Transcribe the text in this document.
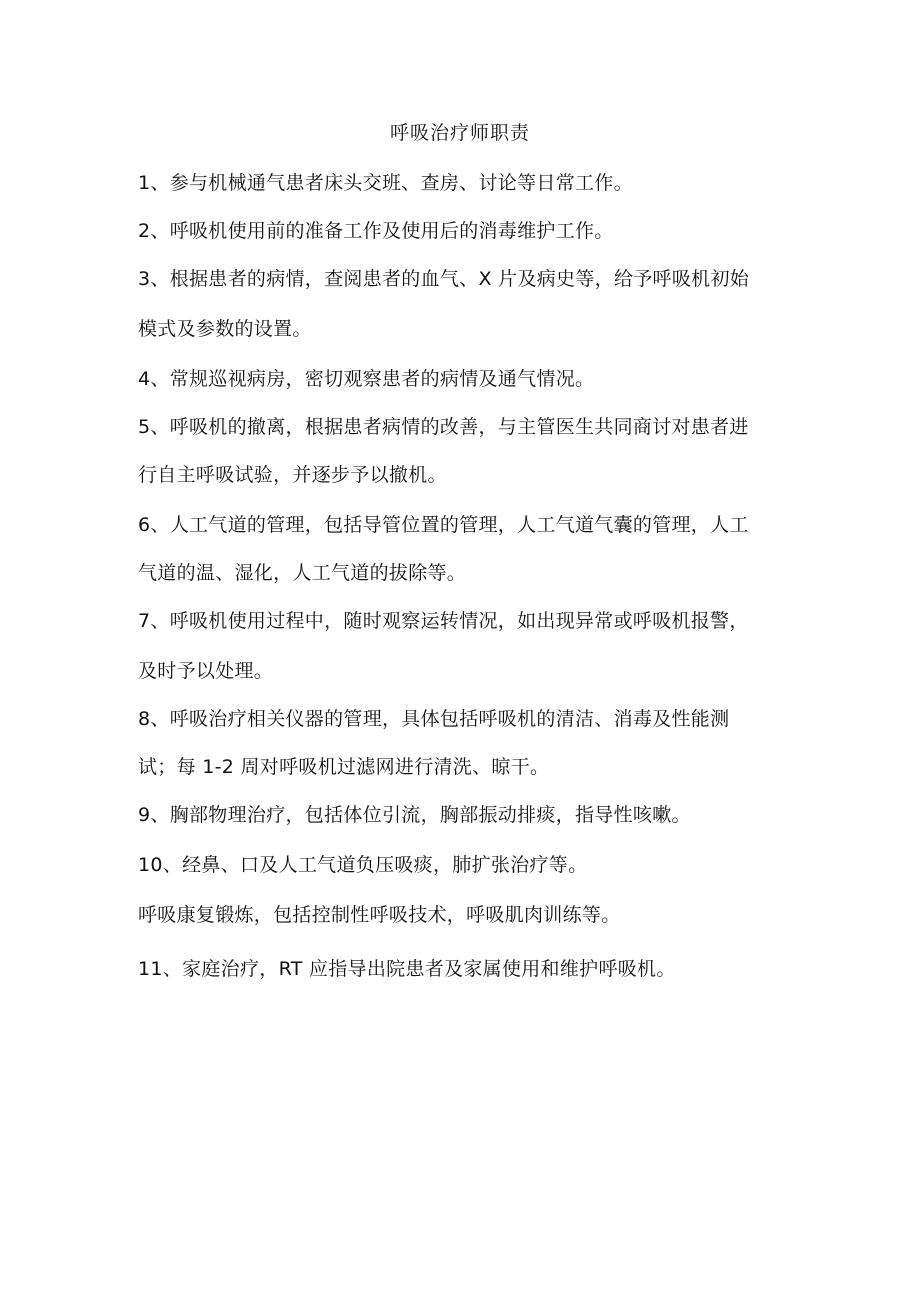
呼吸治疗师职责
1、参与机械通气患者床头交班、查房、讨论等日常工作。
2、呼吸机使用前的准备工作及使用后的消毒维护工作。
3、根据患者的病情，查阅患者的血气、X 片及病史等，给予呼吸机初始
模式及参数的设置。
4、常规巡视病房，密切观察患者的病情及通气情况。
5、呼吸机的撤离，根据患者病情的改善，与主管医生共同商讨对患者进
行自主呼吸试验，并逐步予以撤机。
6、人工气道的管理，包括导管位置的管理，人工气道气囊的管理，人工
气道的温、湿化，人工气道的拔除等。
7、呼吸机使用过程中，随时观察运转情况，如出现异常或呼吸机报警，
及时予以处理。
8、呼吸治疗相关仪器的管理，具体包括呼吸机的清洁、消毒及性能测
试；每 1-2 周对呼吸机过滤网进行清洗、晾干。
9、胸部物理治疗，包括体位引流，胸部振动排痰，指导性咳嗽。
10、经鼻、口及人工气道负压吸痰，肺扩张治疗等。
呼吸康复锻炼，包括控制性呼吸技术，呼吸肌肉训练等。
11、家庭治疗，RT 应指导出院患者及家属使用和维护呼吸机。
